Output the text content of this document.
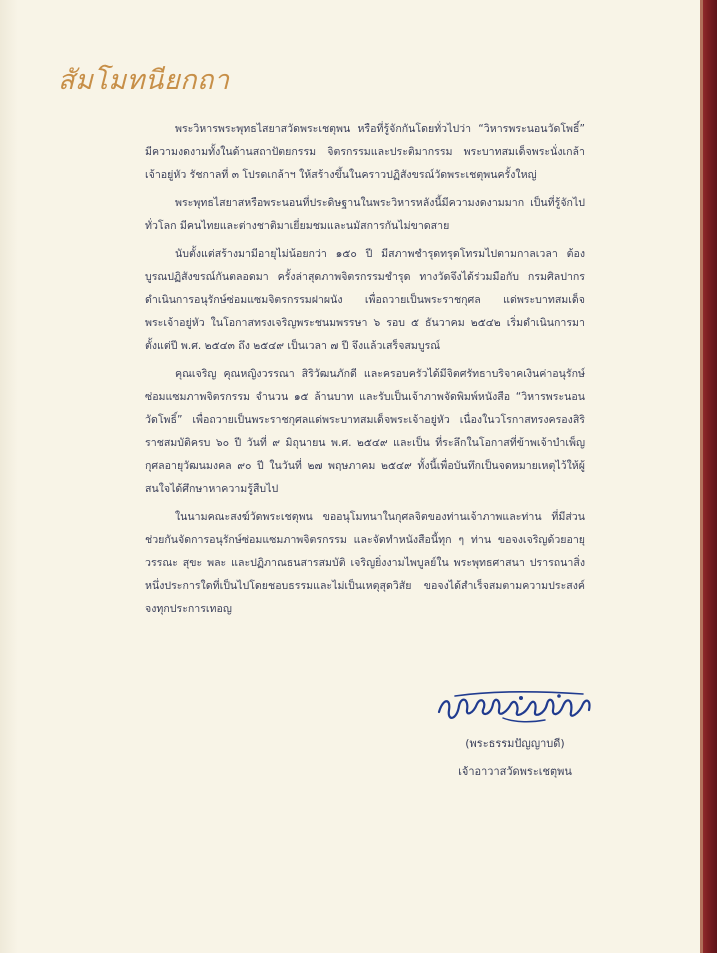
สัมโมทนียกถา

พระวิหารพระพุทธไสยาสวัดพระเชตุพน หรือที่รู้จักกันโดยทั่วไปว่า “วิหารพระนอนวัดโพธิ์” มีความงดงามทั้งในด้านสถาปัตยกรรม จิตรกรรมและประติมากรรม พระบาทสมเด็จพระนั่งเกล้าเจ้าอยู่หัว รัชกาลที่ ๓ โปรดเกล้าฯ ให้สร้างขึ้นในคราวปฏิสังขรณ์วัดพระเชตุพนครั้งใหญ่

พระพุทธไสยาสหรือพระนอนที่ประดิษฐานในพระวิหารหลังนี้มีความงดงามมาก เป็นที่รู้จักไปทั่วโลก มีคนไทยและต่างชาติมาเยี่ยมชมและนมัสการกันไม่ขาดสาย

นับตั้งแต่สร้างมามีอายุไม่น้อยกว่า ๑๕๐ ปี มีสภาพชำรุดทรุดโทรมไปตามกาลเวลา ต้องบูรณปฏิสังขรณ์กันตลอดมา ครั้งล่าสุดภาพจิตรกรรมชำรุด ทางวัดจึงได้ร่วมมือกับ กรมศิลปากร ดำเนินการอนุรักษ์ซ่อมแซมจิตรกรรมฝาผนัง เพื่อถวายเป็นพระราชกุศล แด่พระบาทสมเด็จพระเจ้าอยู่หัว ในโอกาสทรงเจริญพระชนมพรรษา ๖ รอบ ๕ ธันวาคม ๒๕๔๒ เริ่มดำเนินการมาตั้งแต่ปี พ.ศ. ๒๕๔๓ ถึง ๒๕๔๙ เป็นเวลา ๗ ปี จึงแล้วเสร็จสมบูรณ์

คุณเจริญ คุณหญิงวรรณา สิริวัฒนภักดี และครอบครัวได้มีจิตศรัทธาบริจาคเงินค่าอนุรักษ์ซ่อมแซมภาพจิตรกรรม จำนวน ๑๕ ล้านบาท และรับเป็นเจ้าภาพจัดพิมพ์หนังสือ “วิหารพระนอนวัดโพธิ์” เพื่อถวายเป็นพระราชกุศลแด่พระบาทสมเด็จพระเจ้าอยู่หัว เนื่องในวโรกาสทรงครองสิริราชสมบัติครบ ๖๐ ปี วันที่ ๙ มิถุนายน พ.ศ. ๒๕๔๙ และเป็น ที่ระลึกในโอกาสที่ข้าพเจ้าบำเพ็ญกุศลอายุวัฒนมงคล ๙๐ ปี ในวันที่ ๒๗ พฤษภาคม ๒๕๔๙ ทั้งนี้เพื่อบันทึกเป็นจดหมายเหตุไว้ให้ผู้สนใจได้ศึกษาหาความรู้สืบไป

ในนามคณะสงฆ์วัดพระเชตุพน ขออนุโมทนาในกุศลจิตของท่านเจ้าภาพและท่าน ที่มีส่วนช่วยกันจัดการอนุรักษ์ซ่อมแซมภาพจิตรกรรม และจัดทำหนังสือนี้ทุก ๆ ท่าน ขอจงเจริญด้วยอายุ วรรณะ สุขะ พละ และปฏิภาณธนสารสมบัติ เจริญยิ่งงามไพบูลย์ใน พระพุทธศาสนา ปรารถนาสิ่งหนึ่งประการใดที่เป็นไปโดยชอบธรรมและไม่เป็นเหตุสุดวิสัย ขอจงได้สำเร็จสมตามความประสงค์จงทุกประการเทอญ

(พระธรรมปัญญาบดี)
เจ้าอาวาสวัดพระเชตุพน
